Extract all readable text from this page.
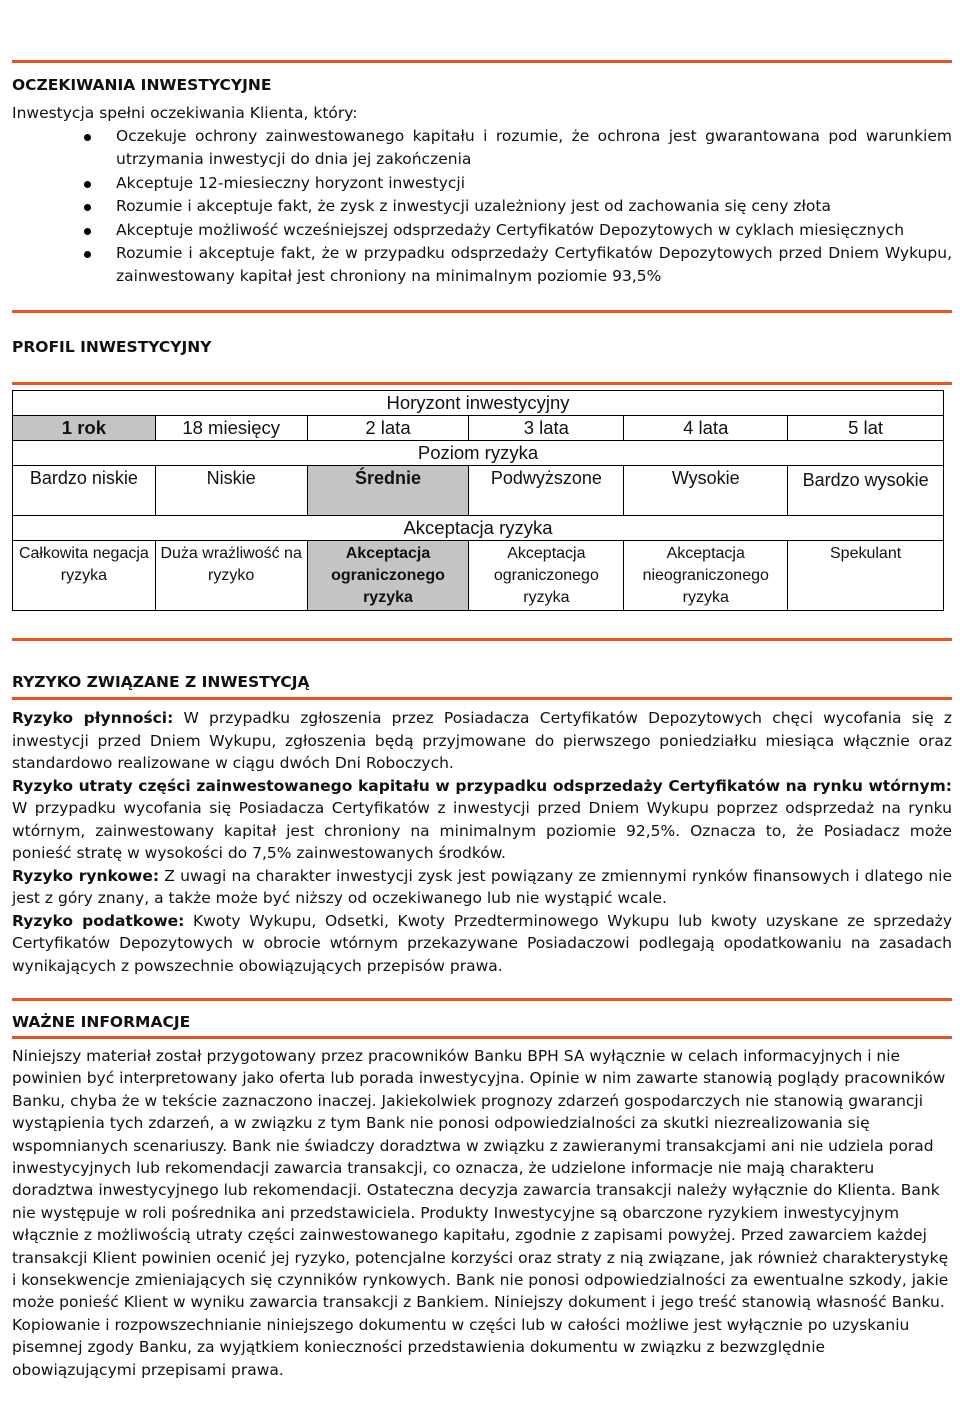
OCZEKIWANIA INWESTYCYJNE
Inwestycja spełni oczekiwania Klienta, który:
Oczekuje ochrony zainwestowanego kapitału i rozumie, że ochrona jest gwarantowana pod warunkiem utrzymania inwestycji do dnia jej zakończenia
Akceptuje 12-miesieczny horyzont inwestycji
Rozumie i akceptuje fakt, że zysk z inwestycji uzależniony jest od zachowania się ceny złota
Akceptuje możliwość wcześniejszej odsprzedaży Certyfikatów Depozytowych w cyklach miesięcznych
Rozumie i akceptuje fakt, że w przypadku odsprzedaży Certyfikatów Depozytowych przed Dniem Wykupu, zainwestowany kapitał jest chroniony na minimalnym poziomie 93,5%
PROFIL INWESTYCYJNY
Horyzont inwestycyjny					
1 rok	18 miesięcy	2 lata	3 lata	4 lata	5 lat
Poziom ryzyka					
Bardzo niskie	Niskie	Średnie	Podwyższone	Wysokie	Bardzo wysokie
Akceptacja ryzyka					
Całkowita negacja ryzyka	Duża wrażliwość na ryzyko	Akceptacja ograniczonego ryzyka	Akceptacja ograniczonego ryzyka	Akceptacja nieograniczonego ryzyka	Spekulant
RYZYKO ZWIĄZANE Z INWESTYCJĄ
Ryzyko płynności: W przypadku zgłoszenia przez Posiadacza Certyfikatów Depozytowych chęci wycofania się z inwestycji przed Dniem Wykupu, zgłoszenia będą przyjmowane do pierwszego poniedziałku miesiąca włącznie oraz standardowo realizowane w ciągu dwóch Dni Roboczych.
Ryzyko utraty części zainwestowanego kapitału w przypadku odsprzedaży Certyfikatów na rynku wtórnym: W przypadku wycofania się Posiadacza Certyfikatów z inwestycji przed Dniem Wykupu poprzez odsprzedaż na rynku wtórnym, zainwestowany kapitał jest chroniony na minimalnym poziomie 92,5%. Oznacza to, że Posiadacz może ponieść stratę w wysokości do 7,5% zainwestowanych środków.
Ryzyko rynkowe: Z uwagi na charakter inwestycji zysk jest powiązany ze zmiennymi rynków finansowych i dlatego nie jest z góry znany, a także może być niższy od oczekiwanego lub nie wystąpić wcale.
Ryzyko podatkowe: Kwoty Wykupu, Odsetki, Kwoty Przedterminowego Wykupu lub kwoty uzyskane ze sprzedaży Certyfikatów Depozytowych w obrocie wtórnym przekazywane Posiadaczowi podlegają opodatkowaniu na zasadach wynikających z powszechnie obowiązujących przepisów prawa.
WAŻNE INFORMACJE
Niniejszy materiał został przygotowany przez pracowników Banku BPH SA wyłącznie w celach informacyjnych i nie powinien być interpretowany jako oferta lub porada inwestycyjna. Opinie w nim zawarte stanowią poglądy pracowników Banku, chyba że w tekście zaznaczono inaczej. Jakiekolwiek prognozy zdarzeń gospodarczych nie stanowią gwarancji wystąpienia tych zdarzeń, a w związku z tym Bank nie ponosi odpowiedzialności za skutki niezrealizowania się wspomnianych scenariuszy. Bank nie świadczy doradztwa w związku z zawieranymi transakcjami ani nie udziela porad inwestycyjnych lub rekomendacji zawarcia transakcji, co oznacza, że udzielone informacje nie mają charakteru doradztwa inwestycyjnego lub rekomendacji. Ostateczna decyzja zawarcia transakcji należy wyłącznie do Klienta. Bank nie występuje w roli pośrednika ani przedstawiciela. Produkty Inwestycyjne są obarczone ryzykiem inwestycyjnym włącznie z możliwością utraty części zainwestowanego kapitału, zgodnie z zapisami powyżej. Przed zawarciem każdej transakcji Klient powinien ocenić jej ryzyko, potencjalne korzyści oraz straty z nią związane, jak również charakterystykę i konsekwencje zmieniających się czynników rynkowych. Bank nie ponosi odpowiedzialności za ewentualne szkody, jakie może ponieść Klient w wyniku zawarcia transakcji z Bankiem. Niniejszy dokument i jego treść stanowią własność Banku. Kopiowanie i rozpowszechnianie niniejszego dokumentu w części lub w całości możliwe jest wyłącznie po uzyskaniu pisemnej zgody Banku, za wyjątkiem konieczności przedstawienia dokumentu w związku z bezwzględnie obowiązującymi przepisami prawa.
